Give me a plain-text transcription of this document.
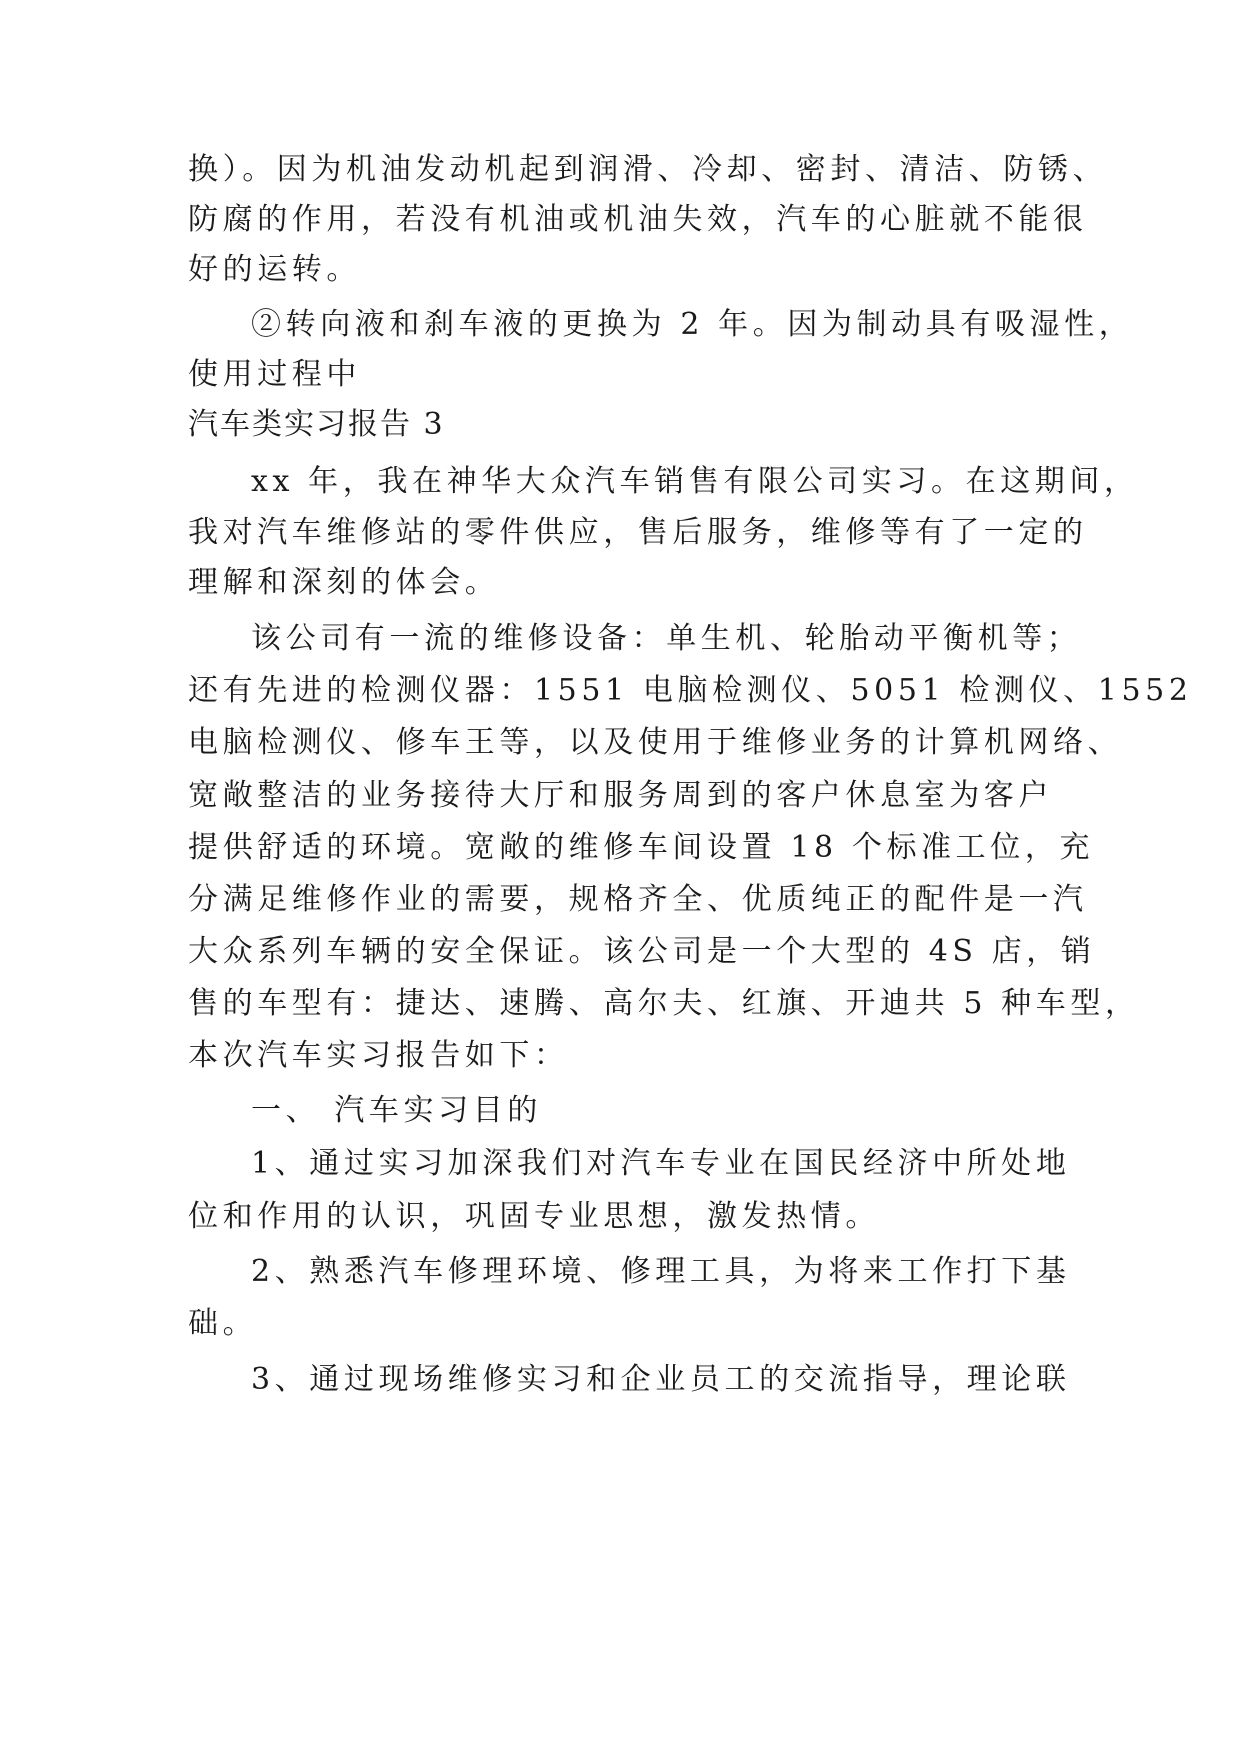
换）。因为机油发动机起到润滑、冷却、密封、清洁、防锈、
防腐的作用，若没有机油或机油失效，汽车的心脏就不能很
好的运转。
②转向液和刹车液的更换为 2 年。因为制动具有吸湿性，
使用过程中
汽车类实习报告 3
xx 年，我在神华大众汽车销售有限公司实习。在这期间，
我对汽车维修站的零件供应，售后服务，维修等有了一定的
理解和深刻的体会。
该公司有一流的维修设备：单生机、轮胎动平衡机等；
还有先进的检测仪器：1551 电脑检测仪、5051 检测仪、1552
电脑检测仪、修车王等，以及使用于维修业务的计算机网络、
宽敞整洁的业务接待大厅和服务周到的客户休息室为客户
提供舒适的环境。宽敞的维修车间设置 18 个标准工位，充
分满足维修作业的需要，规格齐全、优质纯正的配件是一汽
大众系列车辆的安全保证。该公司是一个大型的 4S 店，销
售的车型有：捷达、速腾、高尔夫、红旗、开迪共 5 种车型，
本次汽车实习报告如下：
一、 汽车实习目的
1、通过实习加深我们对汽车专业在国民经济中所处地
位和作用的认识，巩固专业思想，激发热情。
2、熟悉汽车修理环境、修理工具，为将来工作打下基
础。
3、通过现场维修实习和企业员工的交流指导，理论联
